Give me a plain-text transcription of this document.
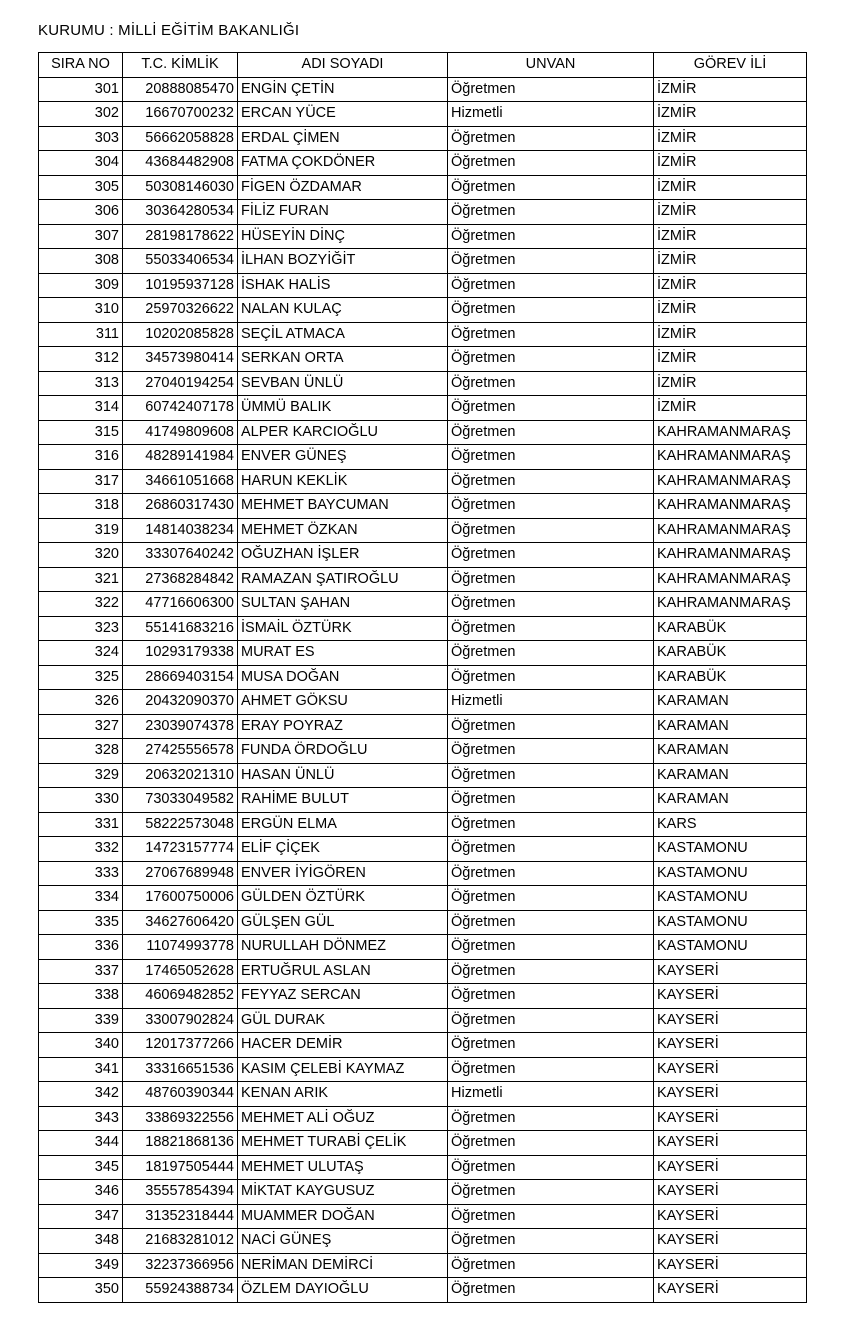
KURUMU : MİLLİ EĞİTİM BAKANLIĞI
SIRA NO	T.C. KİMLİK	ADI SOYADI	UNVAN	GÖREV İLİ
301	20888085470	ENGİN ÇETİN	Öğretmen	İZMİR
302	16670700232	ERCAN YÜCE	Hizmetli	İZMİR
303	56662058828	ERDAL ÇİMEN	Öğretmen	İZMİR
304	43684482908	FATMA ÇOKDÖNER	Öğretmen	İZMİR
305	50308146030	FİGEN ÖZDAMAR	Öğretmen	İZMİR
306	30364280534	FİLİZ FURAN	Öğretmen	İZMİR
307	28198178622	HÜSEYİN DİNÇ	Öğretmen	İZMİR
308	55033406534	İLHAN BOZYİĞİT	Öğretmen	İZMİR
309	10195937128	İSHAK HALİS	Öğretmen	İZMİR
310	25970326622	NALAN KULAÇ	Öğretmen	İZMİR
311	10202085828	SEÇİL ATMACA	Öğretmen	İZMİR
312	34573980414	SERKAN ORTA	Öğretmen	İZMİR
313	27040194254	SEVBAN ÜNLÜ	Öğretmen	İZMİR
314	60742407178	ÜMMÜ BALIK	Öğretmen	İZMİR
315	41749809608	ALPER KARCIOĞLU	Öğretmen	KAHRAMANMARAŞ
316	48289141984	ENVER GÜNEŞ	Öğretmen	KAHRAMANMARAŞ
317	34661051668	HARUN KEKLİK	Öğretmen	KAHRAMANMARAŞ
318	26860317430	MEHMET BAYCUMAN	Öğretmen	KAHRAMANMARAŞ
319	14814038234	MEHMET ÖZKAN	Öğretmen	KAHRAMANMARAŞ
320	33307640242	OĞUZHAN İŞLER	Öğretmen	KAHRAMANMARAŞ
321	27368284842	RAMAZAN ŞATIROĞLU	Öğretmen	KAHRAMANMARAŞ
322	47716606300	SULTAN ŞAHAN	Öğretmen	KAHRAMANMARAŞ
323	55141683216	İSMAİL ÖZTÜRK	Öğretmen	KARABÜK
324	10293179338	MURAT ES	Öğretmen	KARABÜK
325	28669403154	MUSA DOĞAN	Öğretmen	KARABÜK
326	20432090370	AHMET GÖKSU	Hizmetli	KARAMAN
327	23039074378	ERAY POYRAZ	Öğretmen	KARAMAN
328	27425556578	FUNDA ÖRDOĞLU	Öğretmen	KARAMAN
329	20632021310	HASAN ÜNLÜ	Öğretmen	KARAMAN
330	73033049582	RAHİME BULUT	Öğretmen	KARAMAN
331	58222573048	ERGÜN ELMA	Öğretmen	KARS
332	14723157774	ELİF ÇİÇEK	Öğretmen	KASTAMONU
333	27067689948	ENVER İYİGÖREN	Öğretmen	KASTAMONU
334	17600750006	GÜLDEN ÖZTÜRK	Öğretmen	KASTAMONU
335	34627606420	GÜLŞEN GÜL	Öğretmen	KASTAMONU
336	11074993778	NURULLAH DÖNMEZ	Öğretmen	KASTAMONU
337	17465052628	ERTUĞRUL ASLAN	Öğretmen	KAYSERİ
338	46069482852	FEYYAZ SERCAN	Öğretmen	KAYSERİ
339	33007902824	GÜL DURAK	Öğretmen	KAYSERİ
340	12017377266	HACER DEMİR	Öğretmen	KAYSERİ
341	33316651536	KASIM ÇELEBİ KAYMAZ	Öğretmen	KAYSERİ
342	48760390344	KENAN ARIK	Hizmetli	KAYSERİ
343	33869322556	MEHMET ALİ OĞUZ	Öğretmen	KAYSERİ
344	18821868136	MEHMET TURABİ ÇELİK	Öğretmen	KAYSERİ
345	18197505444	MEHMET ULUTAŞ	Öğretmen	KAYSERİ
346	35557854394	MİKTAT KAYGUSUZ	Öğretmen	KAYSERİ
347	31352318444	MUAMMER DOĞAN	Öğretmen	KAYSERİ
348	21683281012	NACİ GÜNEŞ	Öğretmen	KAYSERİ
349	32237366956	NERİMAN DEMİRCİ	Öğretmen	KAYSERİ
350	55924388734	ÖZLEM DAYIOĞLU	Öğretmen	KAYSERİ
